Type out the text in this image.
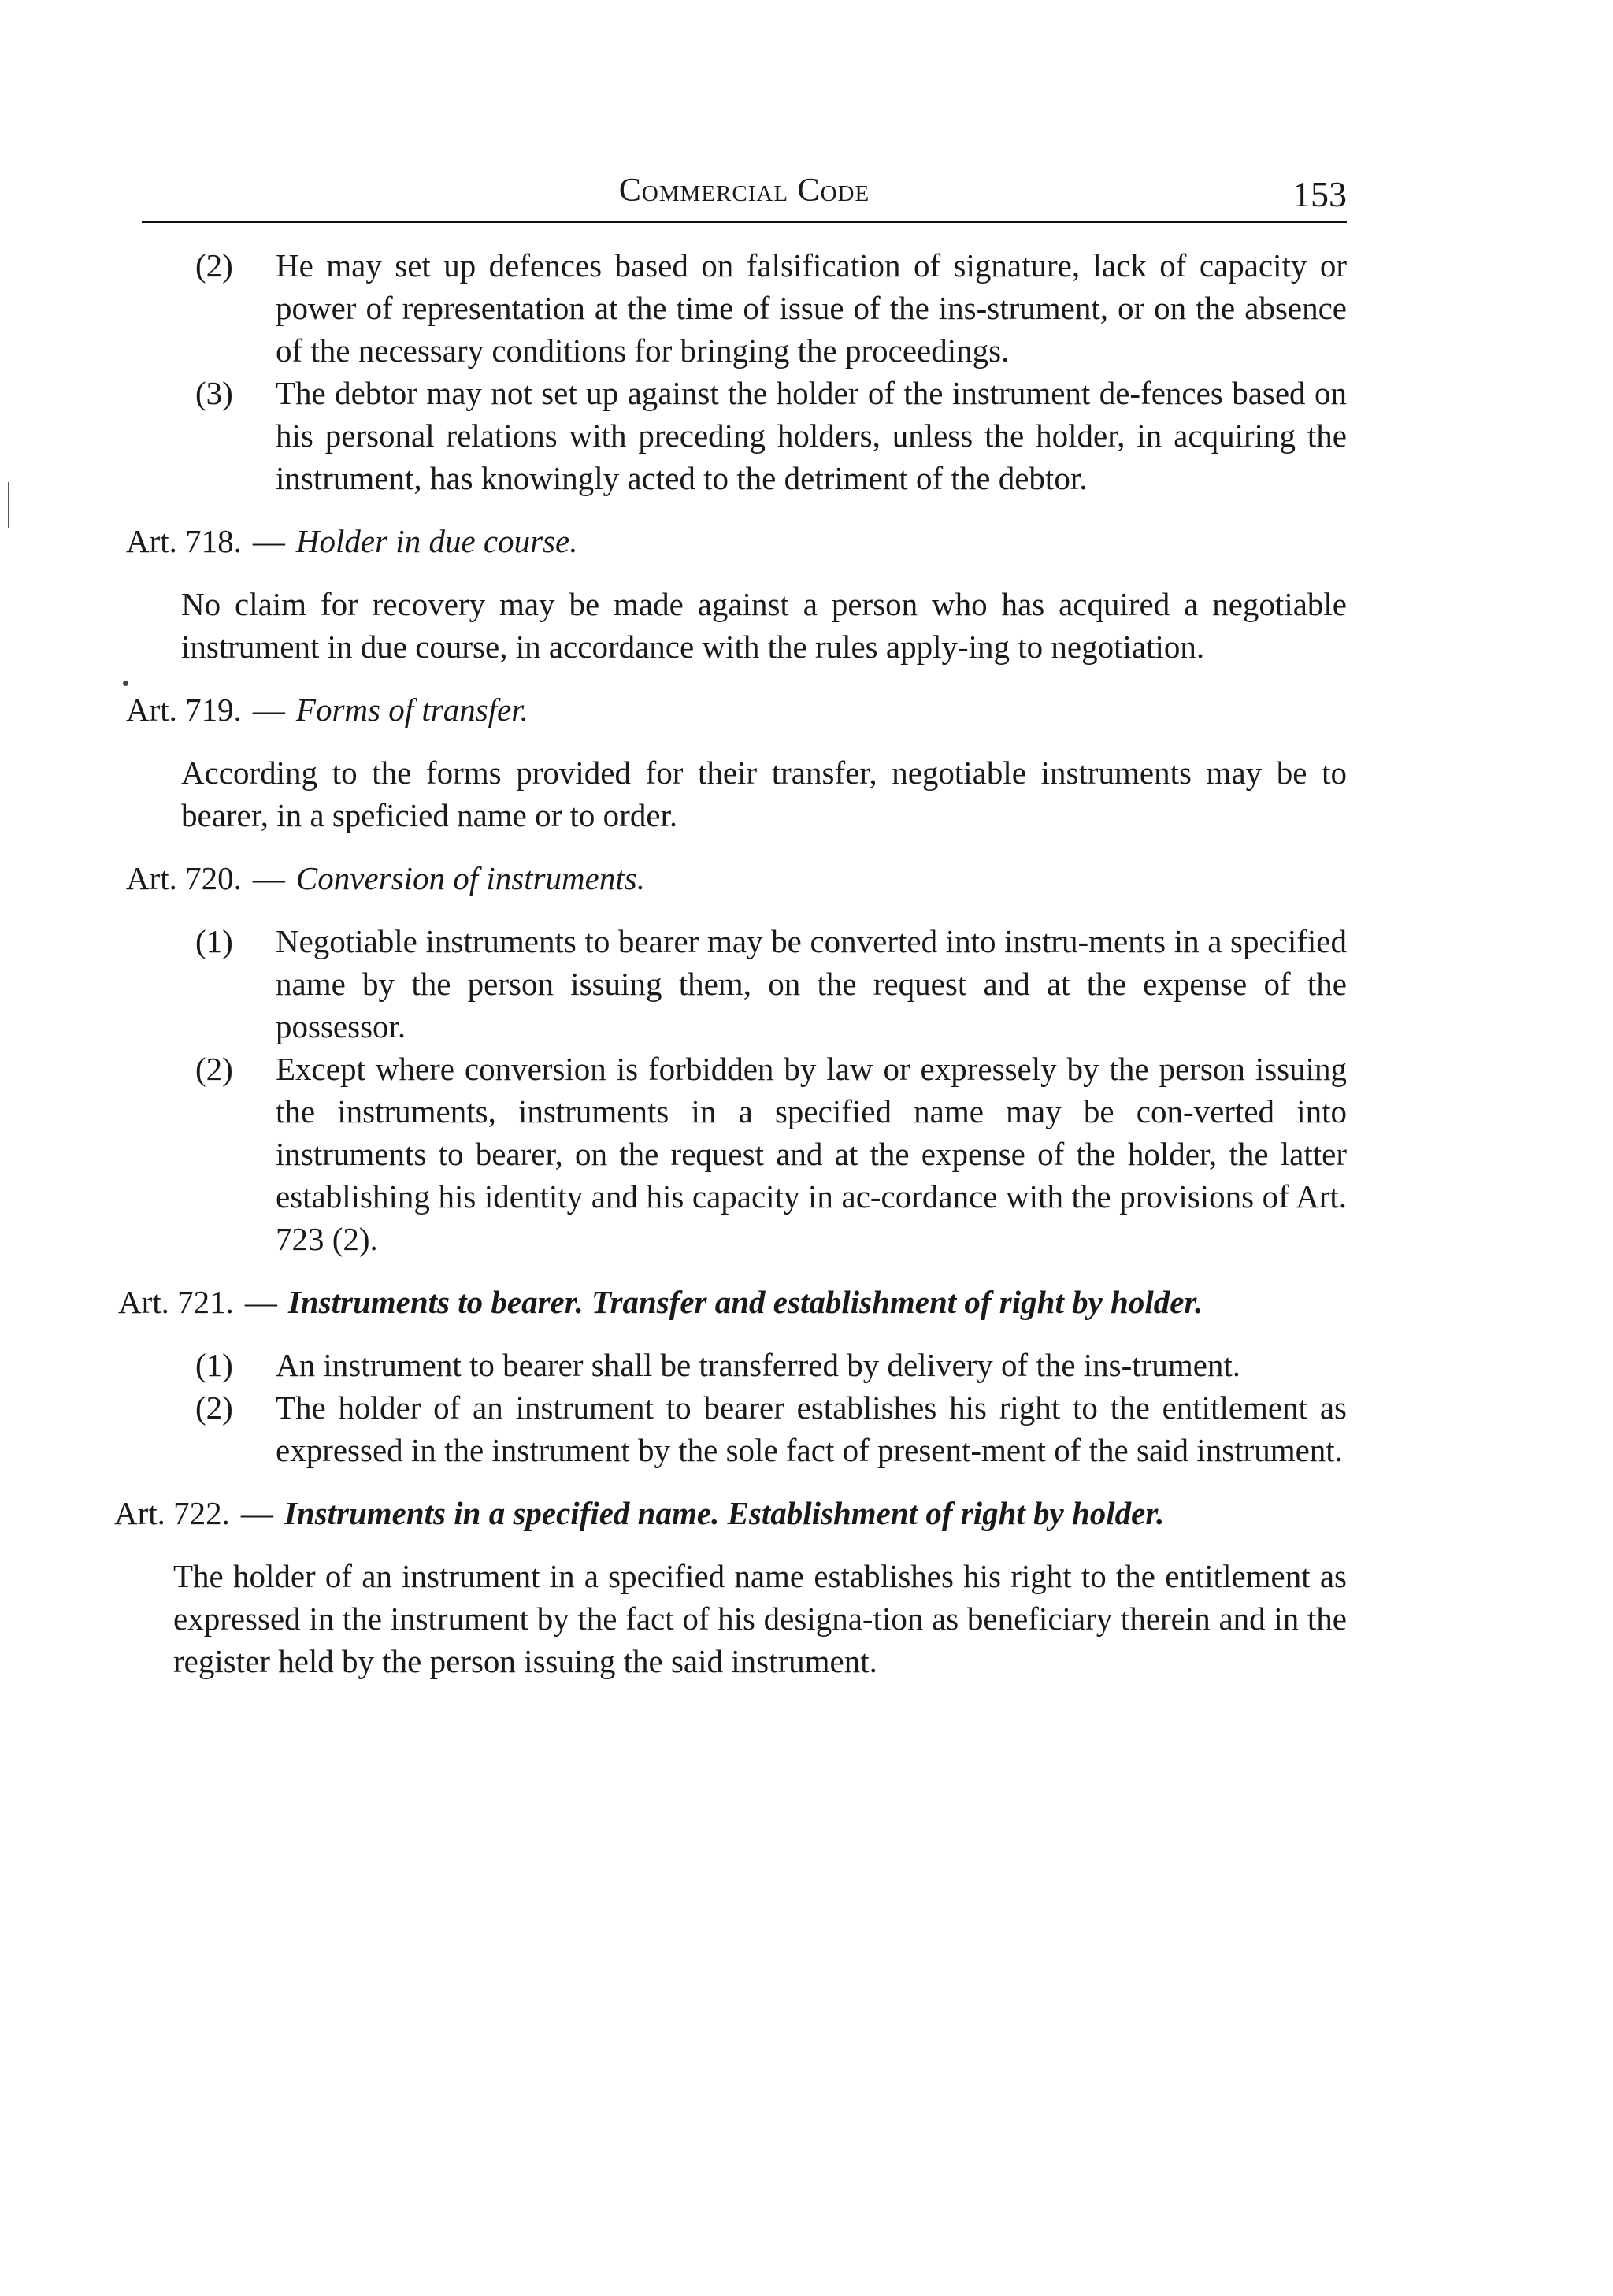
Commercial Code	153
(2)	He may set up defences based on falsification of signature, lack of capacity or power of representation at the time of issue of the ins-strument, or on the absence of the necessary conditions for bringing the proceedings.
(3)	The debtor may not set up against the holder of the instrument de-fences based on his personal relations with preceding holders, unless the holder, in acquiring the instrument, has knowingly acted to the detriment of the debtor.
Art. 718. — Holder in due course.

No claim for recovery may be made against a person who has acquired a negotiable instrument in due course, in accordance with the rules apply-ing to negotiation.

Art. 719. — Forms of transfer.

According to the forms provided for their transfer, negotiable instruments may be to bearer, in a speficied name or to order.

Art. 720. — Conversion of instruments.
(1)	Negotiable instruments to bearer may be converted into instru-ments in a specified name by the person issuing them, on the request and at the expense of the possessor.
(2)	Except where conversion is forbidden by law or expressely by the person issuing the instruments, instruments in a specified name may be con-verted into instruments to bearer, on the request and at the expense of the holder, the latter establishing his identity and his capacity in ac-cordance with the provisions of Art. 723 (2).
Art. 721. — Instruments to bearer. Transfer and establishment of right by holder.
(1)	An instrument to bearer shall be transferred by delivery of the ins-trument.
(2)	The holder of an instrument to bearer establishes his right to the entitlement as expressed in the instrument by the sole fact of present-ment of the said instrument.
Art. 722. — Instruments in a specified name. Establishment of right by holder.

The holder of an instrument in a specified name establishes his right to the entitlement as expressed in the instrument by the fact of his designa-tion as beneficiary therein and in the register held by the person issuing the said instrument.
